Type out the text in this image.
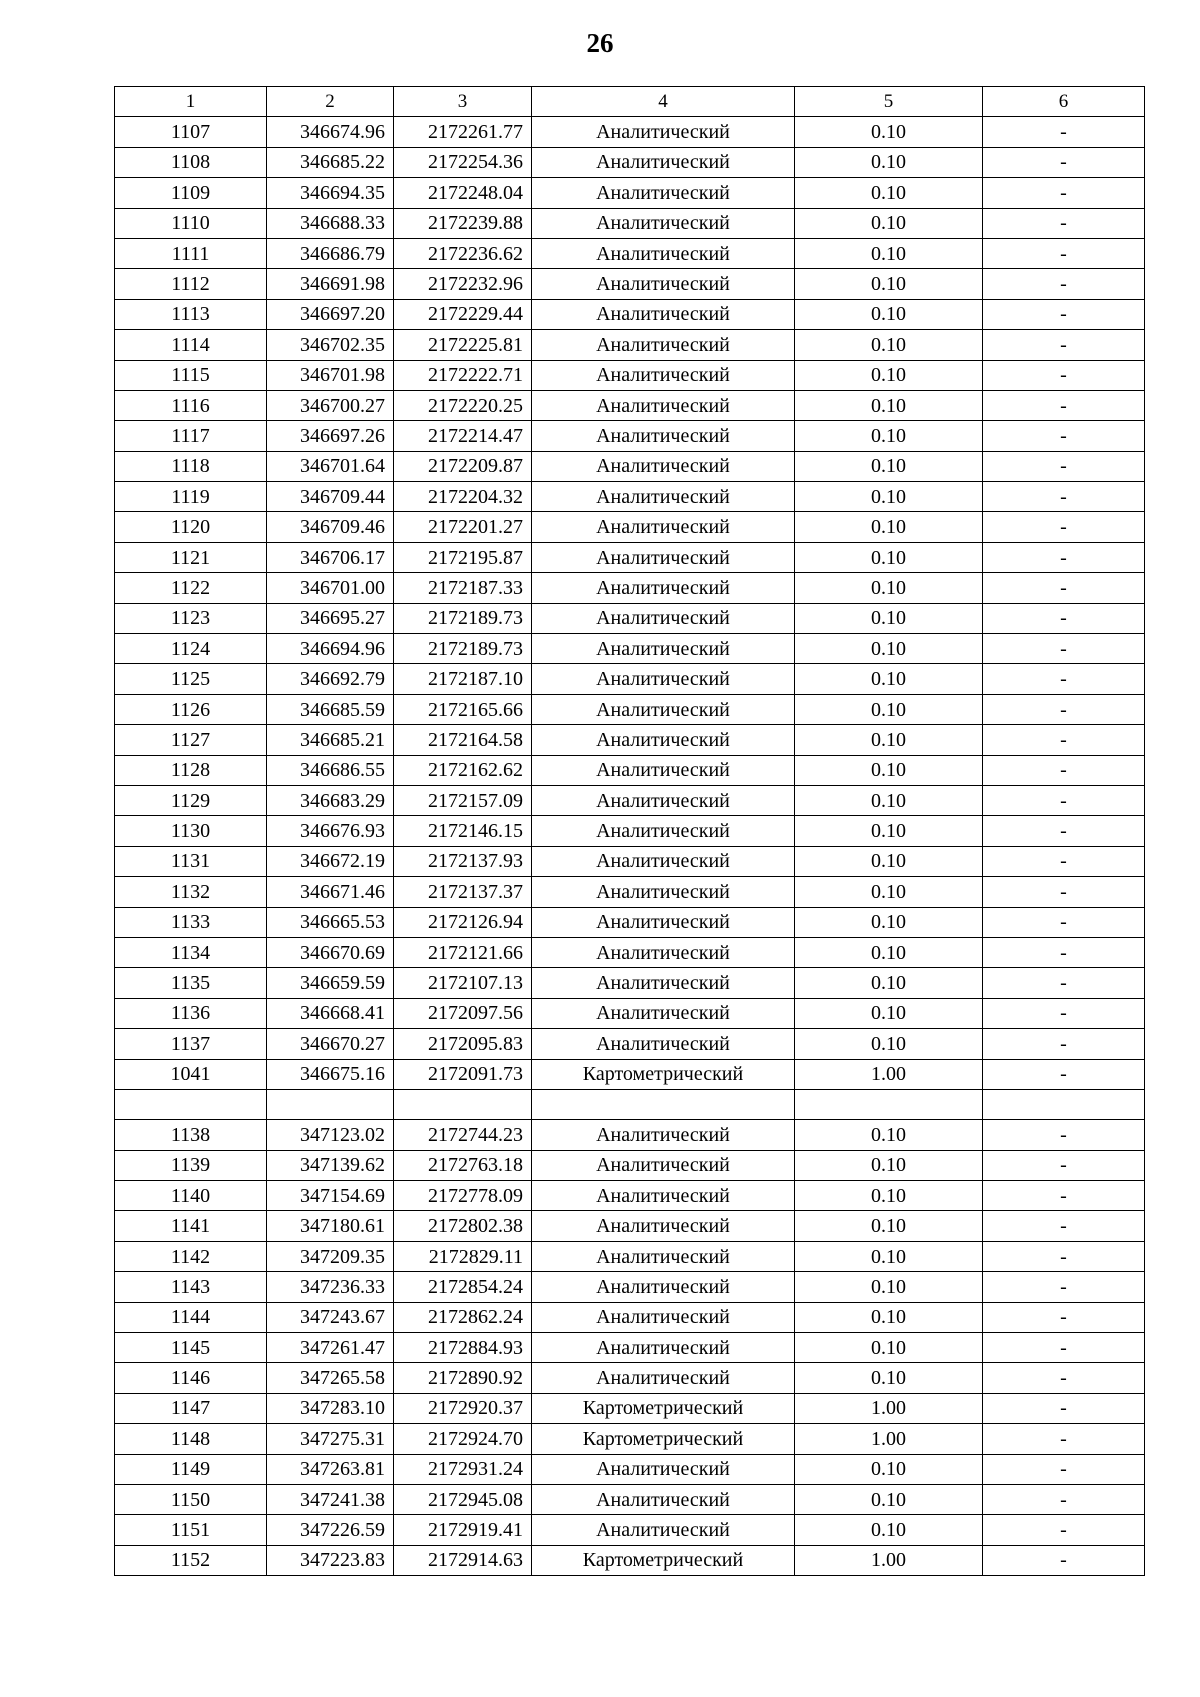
26
1	2	3	4	5	6
1107	346674.96	2172261.77	Аналитический	0.10	-
1108	346685.22	2172254.36	Аналитический	0.10	-
1109	346694.35	2172248.04	Аналитический	0.10	-
1110	346688.33	2172239.88	Аналитический	0.10	-
1111	346686.79	2172236.62	Аналитический	0.10	-
1112	346691.98	2172232.96	Аналитический	0.10	-
1113	346697.20	2172229.44	Аналитический	0.10	-
1114	346702.35	2172225.81	Аналитический	0.10	-
1115	346701.98	2172222.71	Аналитический	0.10	-
1116	346700.27	2172220.25	Аналитический	0.10	-
1117	346697.26	2172214.47	Аналитический	0.10	-
1118	346701.64	2172209.87	Аналитический	0.10	-
1119	346709.44	2172204.32	Аналитический	0.10	-
1120	346709.46	2172201.27	Аналитический	0.10	-
1121	346706.17	2172195.87	Аналитический	0.10	-
1122	346701.00	2172187.33	Аналитический	0.10	-
1123	346695.27	2172189.73	Аналитический	0.10	-
1124	346694.96	2172189.73	Аналитический	0.10	-
1125	346692.79	2172187.10	Аналитический	0.10	-
1126	346685.59	2172165.66	Аналитический	0.10	-
1127	346685.21	2172164.58	Аналитический	0.10	-
1128	346686.55	2172162.62	Аналитический	0.10	-
1129	346683.29	2172157.09	Аналитический	0.10	-
1130	346676.93	2172146.15	Аналитический	0.10	-
1131	346672.19	2172137.93	Аналитический	0.10	-
1132	346671.46	2172137.37	Аналитический	0.10	-
1133	346665.53	2172126.94	Аналитический	0.10	-
1134	346670.69	2172121.66	Аналитический	0.10	-
1135	346659.59	2172107.13	Аналитический	0.10	-
1136	346668.41	2172097.56	Аналитический	0.10	-
1137	346670.27	2172095.83	Аналитический	0.10	-
1041	346675.16	2172091.73	Картометрический	1.00	-

1138	347123.02	2172744.23	Аналитический	0.10	-
1139	347139.62	2172763.18	Аналитический	0.10	-
1140	347154.69	2172778.09	Аналитический	0.10	-
1141	347180.61	2172802.38	Аналитический	0.10	-
1142	347209.35	2172829.11	Аналитический	0.10	-
1143	347236.33	2172854.24	Аналитический	0.10	-
1144	347243.67	2172862.24	Аналитический	0.10	-
1145	347261.47	2172884.93	Аналитический	0.10	-
1146	347265.58	2172890.92	Аналитический	0.10	-
1147	347283.10	2172920.37	Картометрический	1.00	-
1148	347275.31	2172924.70	Картометрический	1.00	-
1149	347263.81	2172931.24	Аналитический	0.10	-
1150	347241.38	2172945.08	Аналитический	0.10	-
1151	347226.59	2172919.41	Аналитический	0.10	-
1152	347223.83	2172914.63	Картометрический	1.00	-
